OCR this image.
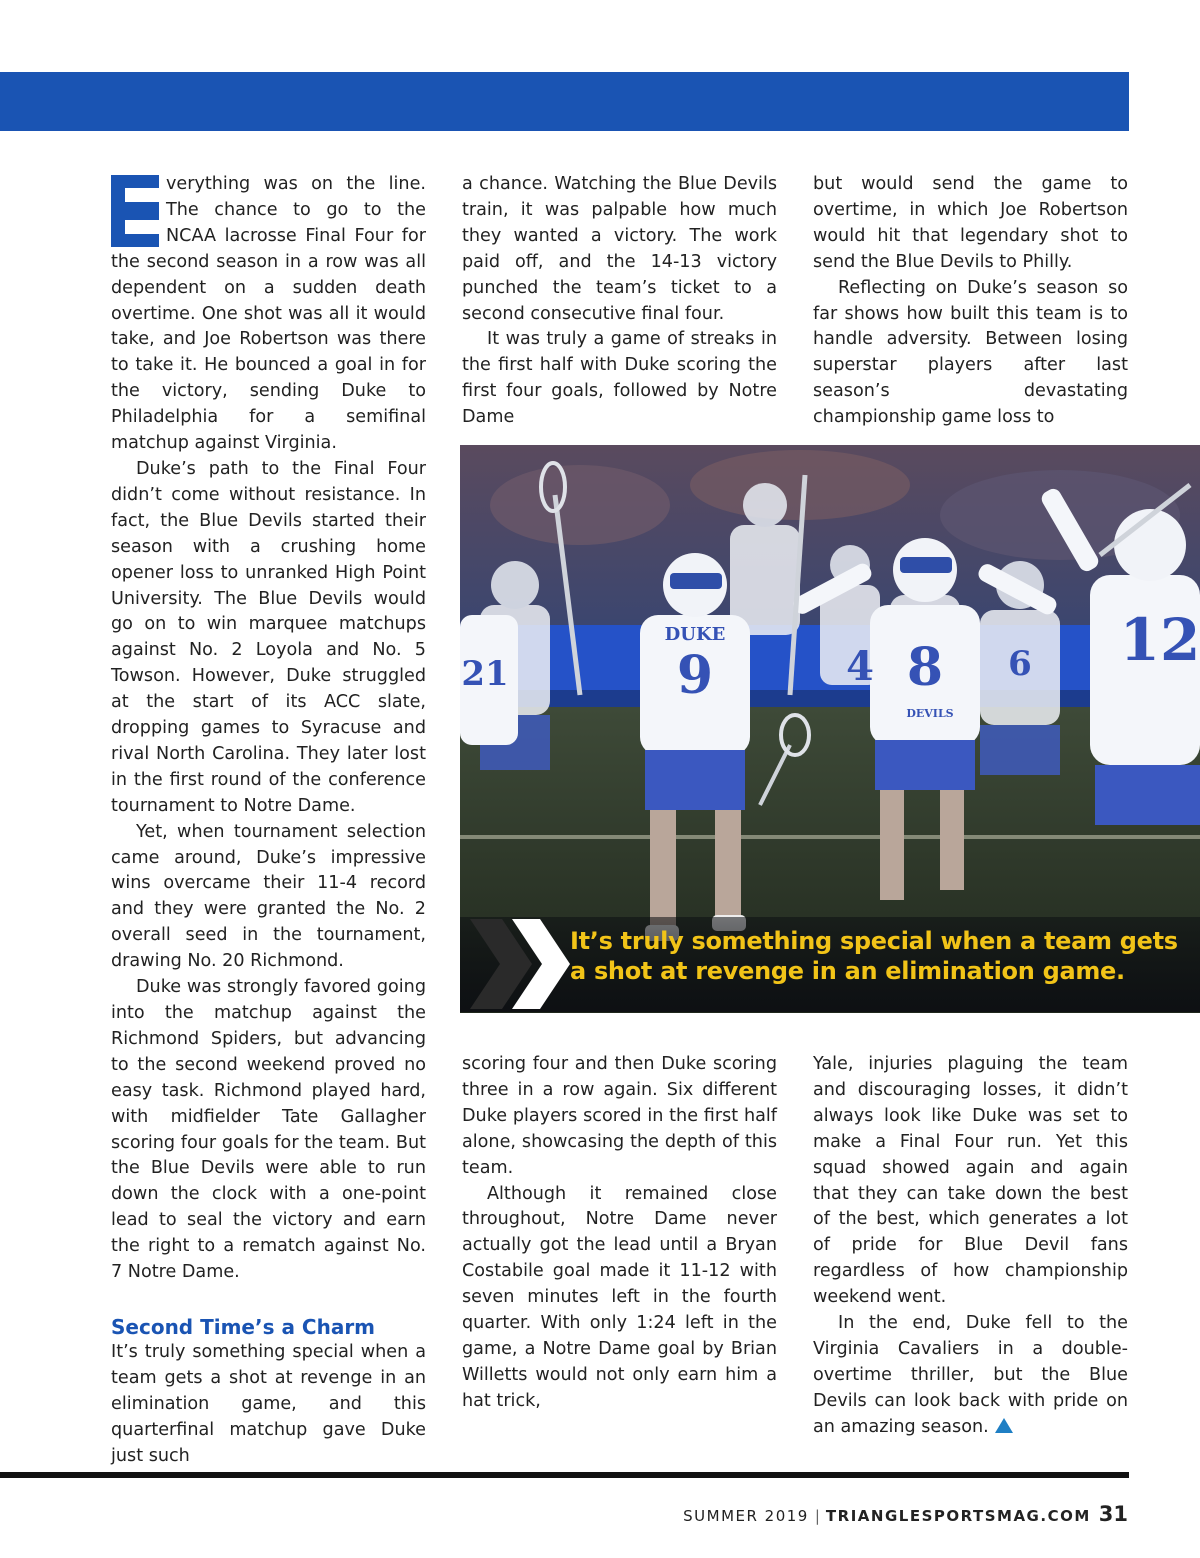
verything was on the line. The chance to go to the NCAA lacrosse Final Four for the second season in a row was all dependent on a sudden death overtime. One shot was all it would take, and Joe Robertson was there to take it. He bounced a goal in for the victory, sending Duke to Philadelphia for a semifinal matchup against Virginia.

Duke’s path to the Final Four didn’t come without resistance. In fact, the Blue Devils started their season with a crushing home opener loss to unranked High Point University. The Blue Devils would go on to win marquee matchups against No. 2 Loyola and No. 5 Towson. However, Duke struggled at the start of its ACC slate, dropping games to Syracuse and rival North Carolina. They later lost in the first round of the conference tournament to Notre Dame.

Yet, when tournament selection came around, Duke’s impressive wins overcame their 11-4 record and they were granted the No. 2 overall seed in the tournament, drawing No. 20 Richmond.

Duke was strongly favored going into the matchup against the Richmond Spiders, but advancing to the second weekend proved no easy task. Richmond played hard, with midfielder Tate Gallagher scoring four goals for the team. But the Blue Devils were able to run down the clock with a one-point lead to seal the victory and earn the right to a rematch against No. 7 Notre Dame.

Second Time’s a Charm

It’s truly something special when a team gets a shot at revenge in an elimination game, and this quarterfinal matchup gave Duke just such

a chance. Watching the Blue Devils train, it was palpable how much they wanted a victory. The work paid off, and the 14-13 victory punched the team’s ticket to a second consecutive final four.

It was truly a game of streaks in the first half with Duke scoring the first four goals, followed by Notre Dame

but would send the game to overtime, in which Joe Robertson would hit that legendary shot to send the Blue Devils to Philly.

Reflecting on Duke’s season so far shows how built this team is to handle adversity. Between losing superstar players after last season’s devastating championship game loss to

DUKE
9	8
DEVILS
12
4
21	6
It’s truly something special when a team gets a shot at revenge in an elimination game.

scoring four and then Duke scoring three in a row again. Six different Duke players scored in the first half alone, showcasing the depth of this team.

Although it remained close throughout, Notre Dame never actually got the lead until a Bryan Costabile goal made it 11-12 with seven minutes left in the fourth quarter. With only 1:24 left in the game, a Notre Dame goal by Brian Willetts would not only earn him a hat trick,

Yale, injuries plaguing the team and discouraging losses, it didn’t always look like Duke was set to make a Final Four run. Yet this squad showed again and again that they can take down the best of the best, which generates a lot of pride for Blue Devil fans regardless of how championship weekend went.

In the end, Duke fell to the Virginia Cavaliers in a double-overtime thriller, but the Blue Devils can look back with pride on an amazing season.

SUMMER 2019 | TRIANGLESPORTSMAG.COM 31
